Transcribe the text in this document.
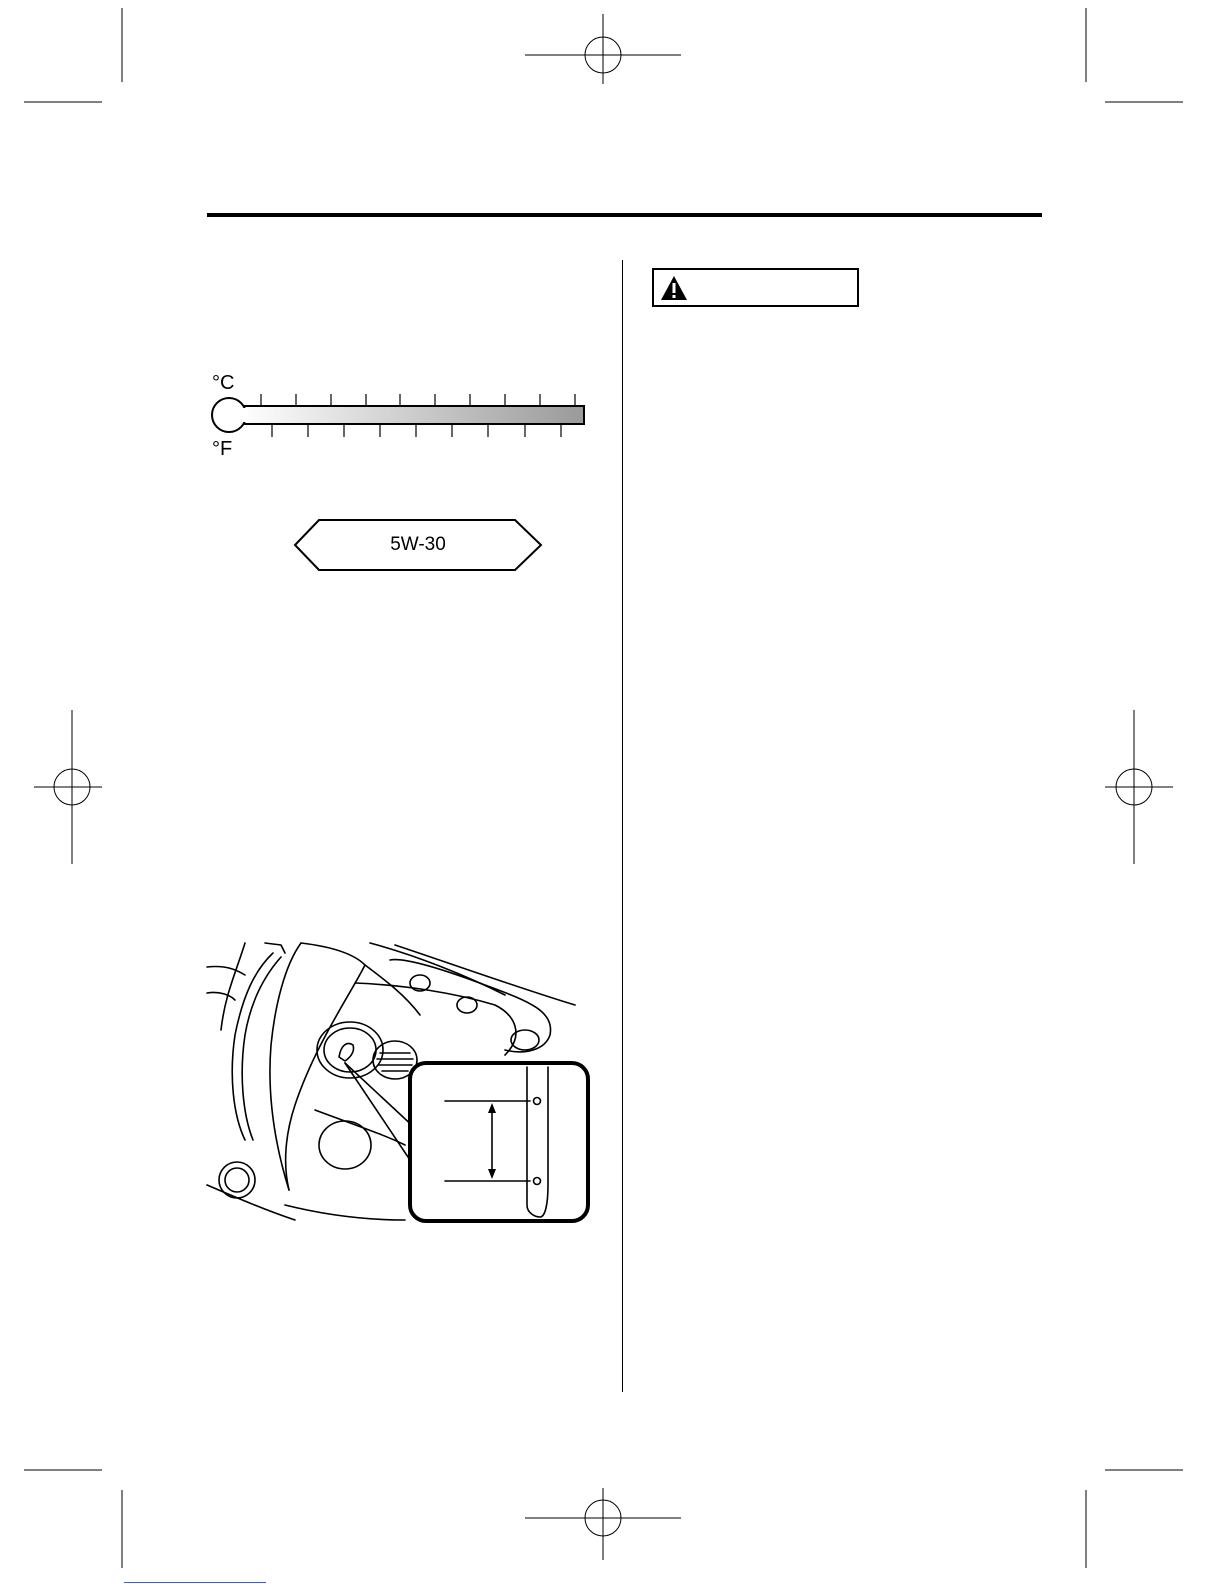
°C
°F
5W-30
